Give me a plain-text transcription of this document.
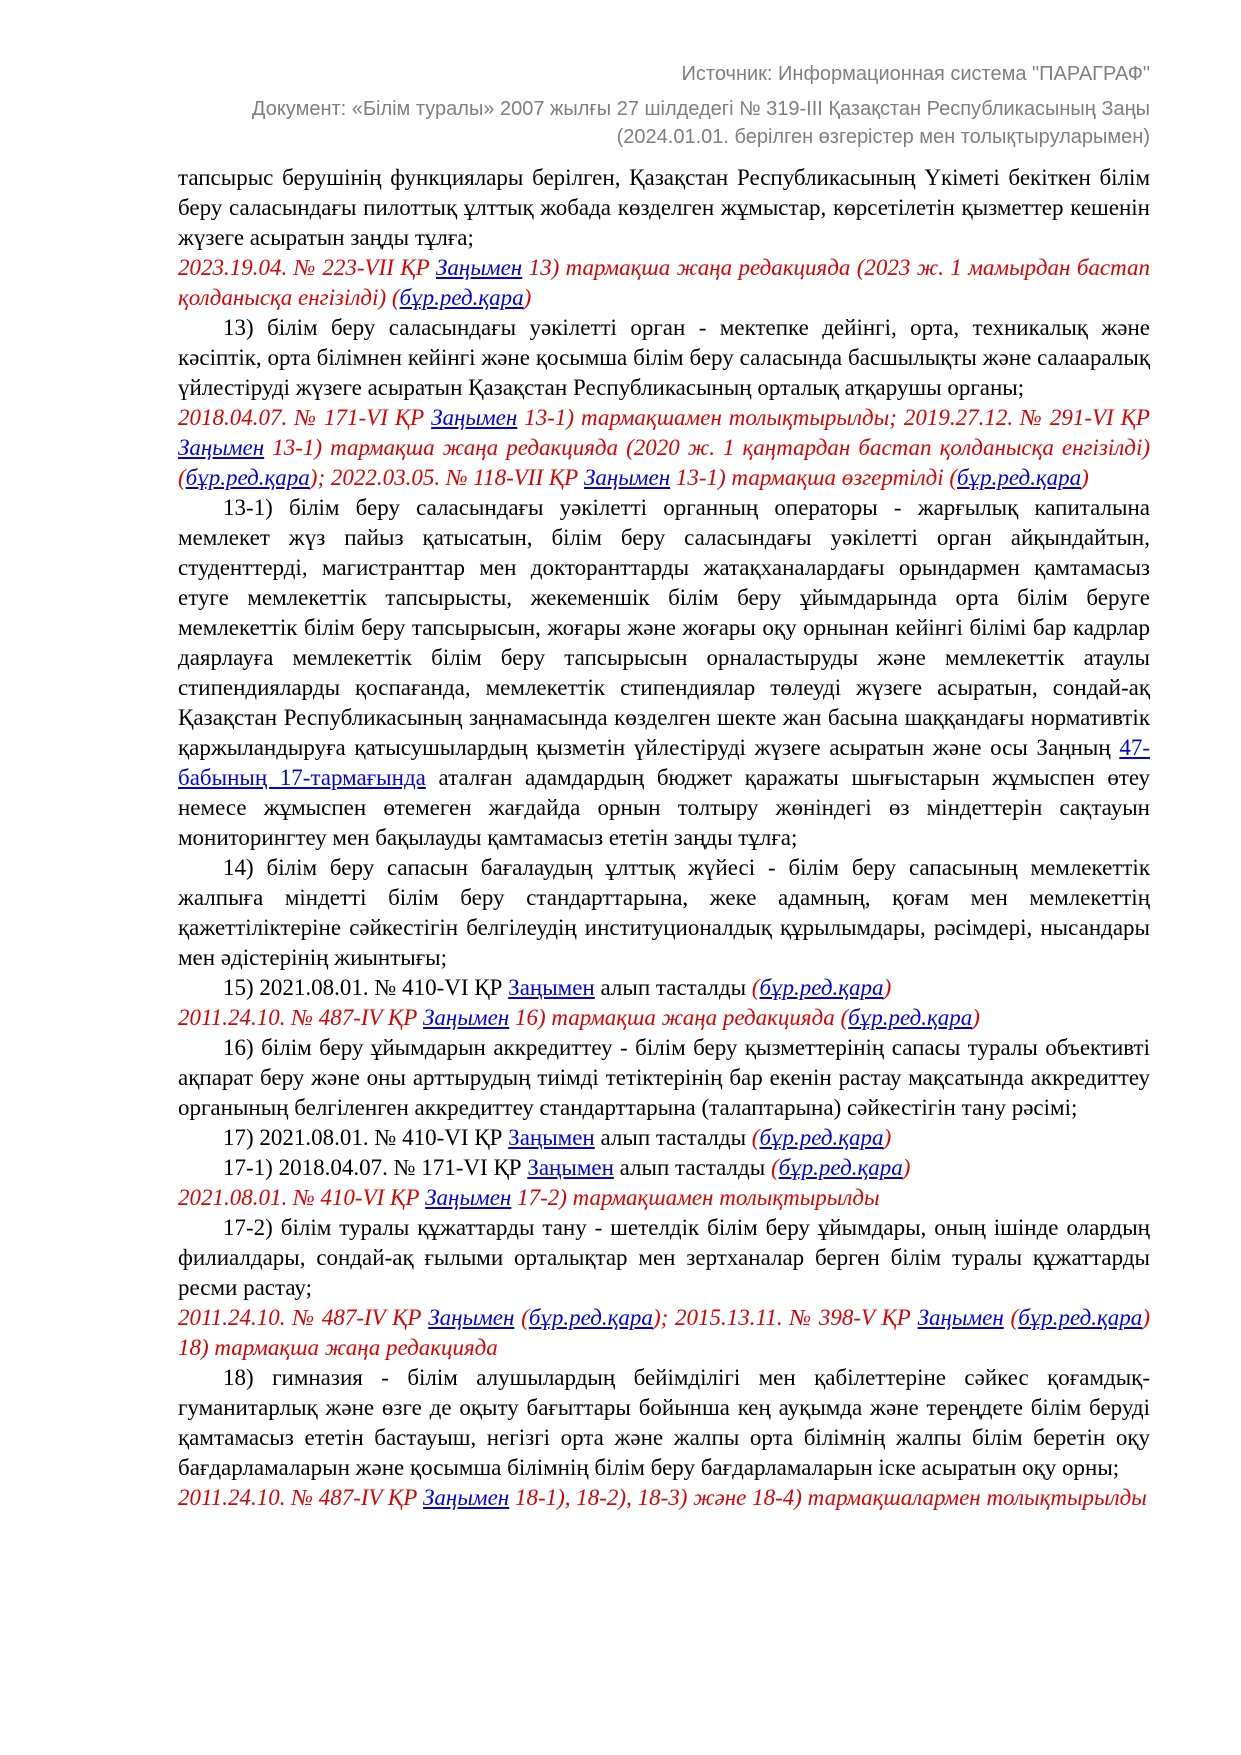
Источник: Информационная система "ПАРАГРАФ"

Документ: «Білім туралы» 2007 жылғы 27 шілдедегі № 319-III Қазақстан Республикасының Заңы

(2024.01.01. берілген өзгерістер мен толықтыруларымен)

тапсырыс берушінің функциялары берілген, Қазақстан Республикасының Үкіметі бекіткен білім беру саласындағы пилоттық ұлттық жобада көзделген жұмыстар, көрсетілетін қызметтер кешенін жүзеге асыратын заңды тұлға;

2023.19.04. № 223-VII ҚР Заңымен 13) тармақша жаңа редакцияда (2023 ж. 1 мамырдан бастап қолданысқа енгізілді) (бұр.ред.қара)

13) білім беру саласындағы уәкілетті орган - мектепке дейінгі, орта, техникалық және кәсіптік, орта білімнен кейінгі және қосымша білім беру саласында басшылықты және салааралық үйлестіруді жүзеге асыратын Қазақстан Республикасының орталық атқарушы органы;

2018.04.07. № 171-VI ҚР Заңымен 13-1) тармақшамен толықтырылды; 2019.27.12. № 291-VI ҚР Заңымен 13-1) тармақша жаңа редакцияда (2020 ж. 1 қаңтардан бастап қолданысқа енгізілді) (бұр.ред.қара); 2022.03.05. № 118-VII ҚР Заңымен 13-1) тармақша өзгертілді (бұр.ред.қара)

13-1) білім беру саласындағы уәкілетті органның операторы - жарғылық капиталына мемлекет жүз пайыз қатысатын, білім беру саласындағы уәкілетті орган айқындайтын, студенттерді, магистранттар мен докторанттарды жатақханалардағы орындармен қамтамасыз етуге мемлекеттік тапсырысты, жекеменшік білім беру ұйымдарында орта білім беруге мемлекеттік білім беру тапсырысын, жоғары және жоғары оқу орнынан кейінгі білімі бар кадрлар даярлауға мемлекеттік білім беру тапсырысын орналастыруды және мемлекеттік атаулы стипендияларды қоспағанда, мемлекеттік стипендиялар төлеуді жүзеге асыратын, сондай-ақ Қазақстан Республикасының заңнамасында көзделген шекте жан басына шаққандағы нормативтік қаржыландыруға қатысушылардың қызметін үйлестіруді жүзеге асыратын және осы Заңның 47-бабының 17-тармағында аталған адамдардың бюджет қаражаты шығыстарын жұмыспен өтеу немесе жұмыспен өтемеген жағдайда орнын толтыру жөніндегі өз міндеттерін сақтауын мониторингтеу мен бақылауды қамтамасыз ететін заңды тұлға;

14) білім беру сапасын бағалаудың ұлттық жүйесі - білім беру сапасының мемлекеттік жалпыға міндетті білім беру стандарттарына, жеке адамның, қоғам мен мемлекеттің қажеттіліктеріне сәйкестігін белгілеудің институционалдық құрылымдары, рәсімдері, нысандары мен әдістерінің жиынтығы;

15) 2021.08.01. № 410-VI ҚР Заңымен алып тасталды (бұр.ред.қара)

2011.24.10. № 487-IV ҚР Заңымен 16) тармақша жаңа редакцияда (бұр.ред.қара)

16) білім беру ұйымдарын аккредиттеу - білім беру қызметтерінің сапасы туралы объективті ақпарат беру және оны арттырудың тиімді тетіктерінің бар екенін растау мақсатында аккредиттеу органының белгіленген аккредиттеу стандарттарына (талаптарына) сәйкестігін тану рәсімі;

17) 2021.08.01. № 410-VI ҚР Заңымен алып тасталды (бұр.ред.қара)

17-1) 2018.04.07. № 171-VI ҚР Заңымен алып тасталды (бұр.ред.қара)

2021.08.01. № 410-VI ҚР Заңымен 17-2) тармақшамен толықтырылды

17-2) білім туралы құжаттарды тану - шетелдік білім беру ұйымдары, оның ішінде олардың филиалдары, сондай-ақ ғылыми орталықтар мен зертханалар берген білім туралы құжаттарды ресми растау;

2011.24.10. № 487-IV ҚР Заңымен (бұр.ред.қара); 2015.13.11. № 398-V ҚР Заңымен (бұр.ред.қара) 18) тармақша жаңа редакцияда

18) гимназия - білім алушылардың бейімділігі мен қабілеттеріне сәйкес қоғамдық-гуманитарлық және өзге де оқыту бағыттары бойынша кең ауқымда және тереңдете білім беруді қамтамасыз ететін бастауыш, негізгі орта және жалпы орта білімнің жалпы білім беретін оқу бағдарламаларын және қосымша білімнің білім беру бағдарламаларын іске асыратын оқу орны;

2011.24.10. № 487-IV ҚР Заңымен 18-1), 18-2), 18-3) және 18-4) тармақшалармен толықтырылды
